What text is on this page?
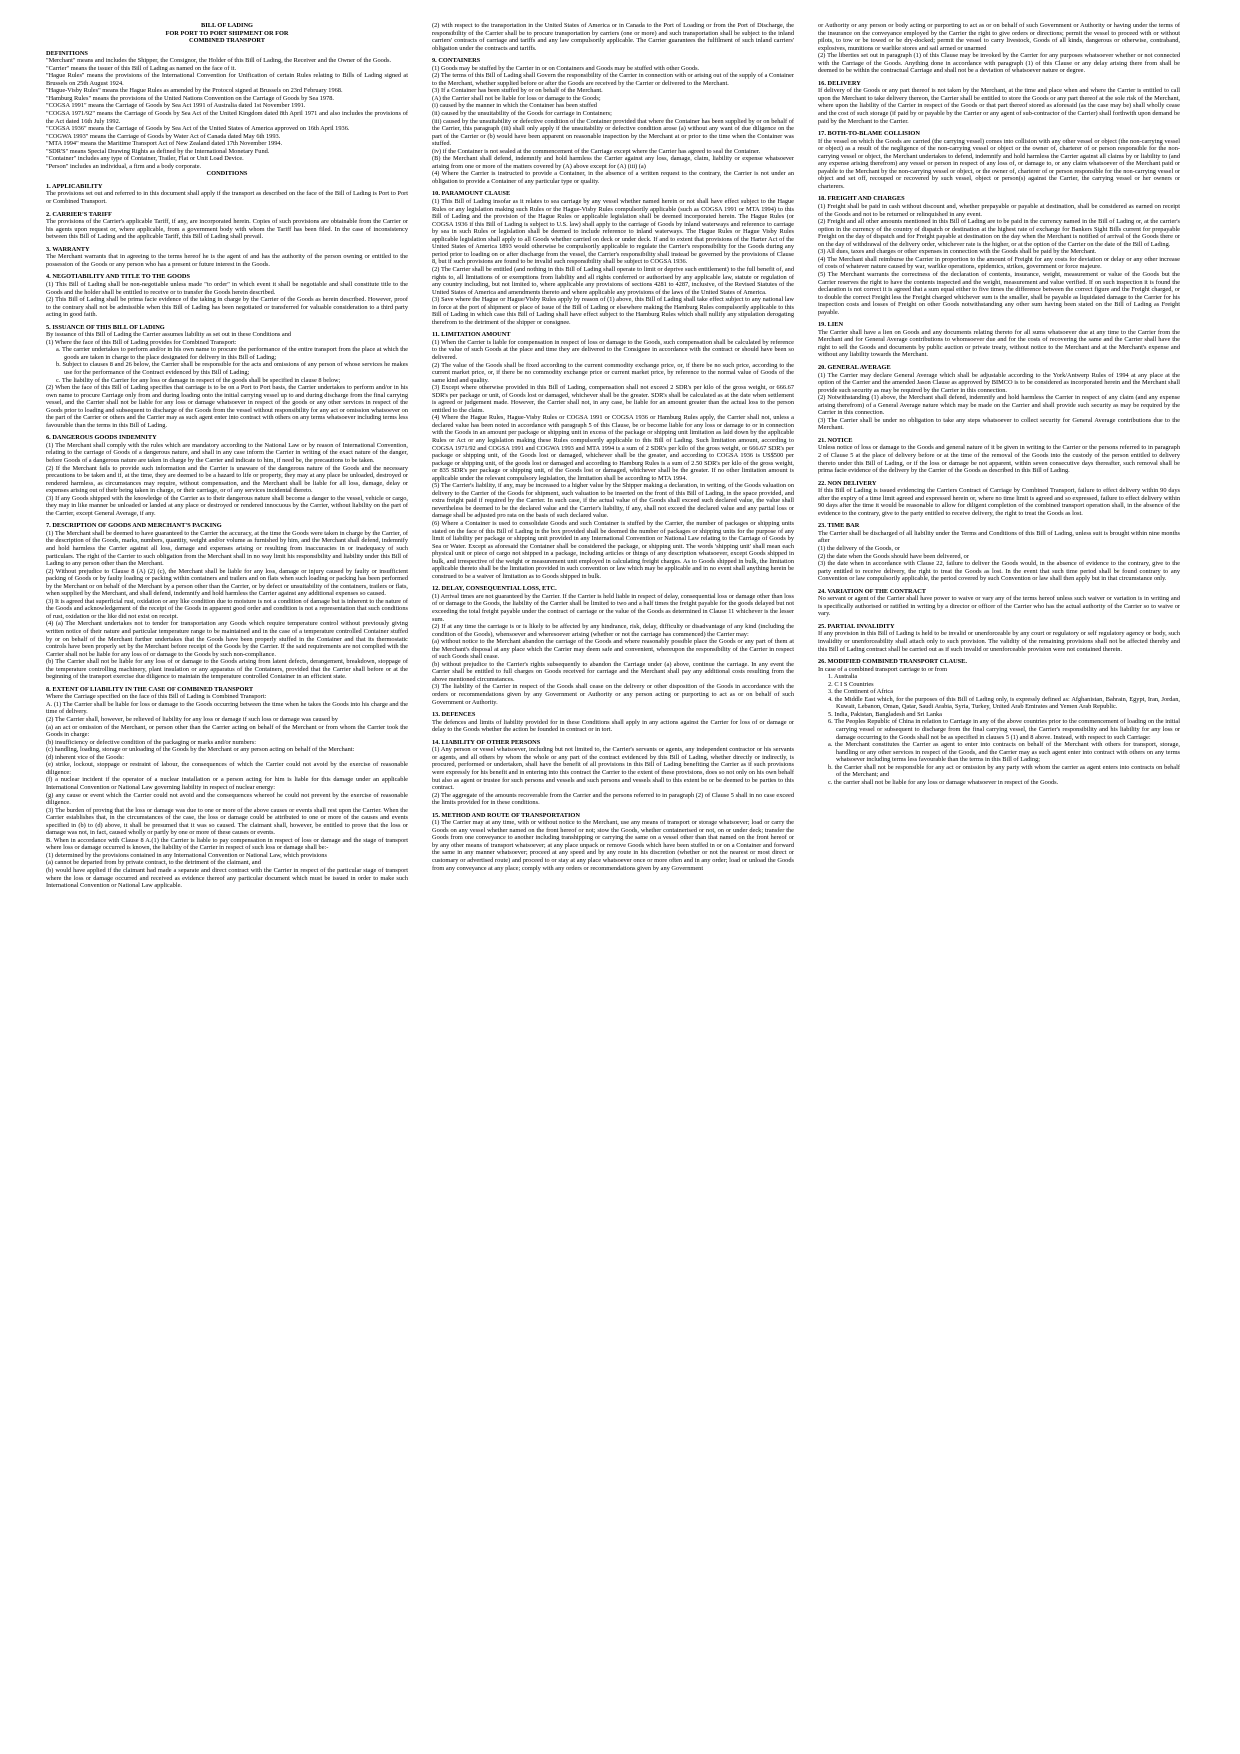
BILL OF LADING

FOR PORT TO PORT SHIPMENT OR FOR

COMBINED TRANSPORT

DEFINITIONS

"Merchant" means and includes the Shipper, the Consignor, the Holder of this Bill of Lading, the Receiver and the Owner of the Goods.

"Carrier" means the issuer of this Bill of Lading as named on the face of it.

"Hague Rules" means the provisions of the International Convention for Unification of certain Rules relating to Bills of Lading signed at Brussels on 25th August 1924.

"Hague-Visby Rules" means the Hague Rules as amended by the Protocol signed at Brussels on 23rd February 1968.

"Hamburg Rules" means the provisions of the United Nations Convention on the Carriage of Goods by Sea 1978.

"COGSA 1991" means the Carriage of Goods by Sea Act 1991 of Australia dated 1st November 1991.

"COGSA 1971/92" means the Carriage of Goods by Sea Act of the United Kingdom dated 8th April 1971 and also includes the provisions of the Act dated 16th July 1992.

"COGSA 1936" means the Carriage of Goods by Sea Act of the United States of America approved on 16th April 1936.

"COGWA 1993" means the Carriage of Goods by Water Act of Canada dated May 6th 1993.

"MTA 1994" means the Maritime Transport Act of New Zealand dated 17th November 1994.

"SDR'S" means Special Drawing Rights as defined by the International Monetary Fund.

"Container" includes any type of Container, Trailer, Flat or Unit Load Device.

"Person" includes an individual, a firm and a body corporate.

CONDITIONS

1. APPLICABILITY

The provisions set out and referred to in this document shall apply if the transport as described on the face of the Bill of Lading is Port to Port or Combined Transport.

2. CARRIER'S TARIFF

The provisions of the Carrier's applicable Tariff, if any, are incorporated herein. Copies of such provisions are obtainable from the Carrier or his agents upon request or, where applicable, from a government body with whom the Tariff has been filed. In the case of inconsistency between this Bill of Lading and the applicable Tariff, this Bill of Lading shall prevail.

3. WARRANTY

The Merchant warrants that in agreeing to the terms hereof he is the agent of and has the authority of the person owning or entitled to the possession of the Goods or any person who has a present or future interest in the Goods.

4. NEGOTIABILITY AND TITLE TO THE GOODS

(1) This Bill of Lading shall be non-negotiable unless made "to order" in which event it shall be negotiable and shall constitute title to the Goods and the holder shall be entitled to receive or to transfer the Goods herein described.

(2) This Bill of Lading shall be prima facie evidence of the taking in charge by the Carrier of the Goods as herein described. However, proof to the contrary shall not be admissible when this Bill of Lading has been negotiated or transferred for valuable consideration to a third party acting in good faith.

5. ISSUANCE OF THIS BILL OF LADING

By issuance of this Bill of Lading the Carrier assumes liability as set out in these Conditions and

(1) Where the face of this Bill of Lading provides for Combined Transport:

a. The carrier undertakes to perform and/or in his own name to procure the performance of the entire transport from the place at which the goods are taken in charge to the place designated for delivery in this Bill of Lading;

b. Subject to clauses 8 and 26 below, the Carrier shall be responsible for the acts and omissions of any person of whose services he makes use for the performance of the Contract evidenced by this Bill of Lading;

c. The liability of the Carrier for any loss or damage in respect of the goods shall be specified in clause 8 below;

(2) When the face of this Bill of Lading specifies that carriage is to be on a Port to Port basis, the Carrier undertakes to perform and/or in his own name to procure Carriage only from and during loading onto the initial carrying vessel up to and during discharge from the final carrying vessel, and the Carrier shall not be liable for any loss or damage whatsoever in respect of the goods or any other services in respect of the Goods prior to loading and subsequent to discharge of the Goods from the vessel without responsibility for any act or omission whatsoever on the part of the Carrier or others and the Carrier may as such agent enter into contract with others on any terms whatsoever including terms less favourable than the terms in this Bill of Lading.

6. DANGEROUS GOODS INDEMNITY

(1) The Merchant shall comply with the rules which are mandatory according to the National Law or by reason of International Convention, relating to the carriage of Goods of a dangerous nature, and shall in any case inform the Carrier in writing of the exact nature of the danger, before Goods of a dangerous nature are taken in charge by the Carrier and indicate to him, if need be, the precautions to be taken.

(2) If the Merchant fails to provide such information and the Carrier is unaware of the dangerous nature of the Goods and the necessary precautions to be taken and if, at the time, they are deemed to be a hazard to life or property, they may at any place be unloaded, destroyed or rendered harmless, as circumstances may require, without compensation, and the Merchant shall be liable for all loss, damage, delay or expenses arising out of their being taken in charge, or their carriage, or of any services incidental thereto.

(3) If any Goods shipped with the knowledge of the Carrier as to their dangerous nature shall become a danger to the vessel, vehicle or cargo, they may in like manner be unloaded or landed at any place or destroyed or rendered innocuous by the Carrier, without liability on the part of the Carrier, except General Average, if any.

7. DESCRIPTION OF GOODS AND MERCHANT'S PACKING

(1) The Merchant shall be deemed to have guaranteed to the Carrier the accuracy, at the time the Goods were taken in charge by the Carrier, of the description of the Goods, marks, numbers, quantity, weight and/or volume as furnished by him, and the Merchant shall defend, indemnify and hold harmless the Carrier against all loss, damage and expenses arising or resulting from inaccuracies in or inadequacy of such particulars. The right of the Carrier to such obligation from the Merchant shall in no way limit his responsibility and liability under this Bill of Lading to any person other than the Merchant.

(2) Without prejudice to Clause 8 (A) (2) (c), the Merchant shall be liable for any loss, damage or injury caused by faulty or insufficient packing of Goods or by faulty loading or packing within containers and trailers and on flats when such loading or packing has been performed by the Merchant or on behalf of the Merchant by a person other than the Carrier, or by defect or unsuitability of the containers, trailers or flats, when supplied by the Merchant, and shall defend, indemnify and hold harmless the Carrier against any additional expenses so caused.

(3) It is agreed that superficial rust, oxidation or any like condition due to moisture is not a condition of damage but is inherent to the nature of the Goods and acknowledgement of the receipt of the Goods in apparent good order and condition is not a representation that such conditions of rust, oxidation or the like did not exist on receipt.

(4) (a) The Merchant undertakes not to tender for transportation any Goods which require temperature control without previously giving written notice of their nature and particular temperature range to be maintained and in the case of a temperature controlled Container stuffed by or on behalf of the Merchant further undertakes that the Goods have been properly stuffed in the Container and that its thermostatic controls have been properly set by the Merchant before receipt of the Goods by the Carrier. If the said requirements are not complied with the Carrier shall not be liable for any loss of or damage to the Goods by such non-compliance.

(b) The Carrier shall not be liable for any loss of or damage to the Goods arising from latent defects, derangement, breakdown, stoppage of the temperature controlling machinery, plant insulation or any apparatus of the Containers, provided that the Carrier shall before or at the beginning of the transport exercise due diligence to maintain the temperature controlled Container in an efficient state.

8. EXTENT OF LIABILITY IN THE CASE OF COMBINED TRANSPORT

Where the Carriage specified on the face of this Bill of Lading is Combined Transport:

A. (1) The Carrier shall be liable for loss or damage to the Goods occurring between the time when he takes the Goods into his charge and the time of delivery.

(2) The Carrier shall, however, be relieved of liability for any loss or damage if such loss or damage was caused by

(a) an act or omission of the Merchant, or person other than the Carrier acting on behalf of the Merchant or from whom the Carrier took the Goods in charge:

(b) insufficiency or defective condition of the packaging or marks and/or numbers:

(c) handling, loading, storage or unloading of the Goods by the Merchant or any person acting on behalf of the Merchant:

(d) inherent vice of the Goods:

(e) strike, lockout, stoppage or restraint of labour, the consequences of which the Carrier could not avoid by the exercise of reasonable diligence:

(f) a nuclear incident if the operator of a nuclear installation or a person acting for him is liable for this damage under an applicable International Convention or National Law governing liability in respect of nuclear energy:

(g) any cause or event which the Carrier could not avoid and the consequences whereof he could not prevent by the exercise of reasonable diligence.

(3) The burden of proving that the loss or damage was due to one or more of the above causes or events shall rest upon the Carrier. When the Carrier establishes that, in the circumstances of the case, the loss or damage could be attributed to one or more of the causes and events specified in (b) to (d) above, it shall be presumed that it was so caused. The claimant shall, however, be entitled to prove that the loss or damage was not, in fact, caused wholly or partly by one or more of these causes or events.

B. When in accordance with Clause 8 A.(1) the Carrier is liable to pay compensation in respect of loss or damage and the stage of transport where loss or damage occurred is known, the liability of the Carrier in respect of such loss or damage shall be:-

(1) determined by the provisions contained in any International Convention or National Law, which provisions

(a) cannot be departed from by private contract, to the detriment of the claimant, and

(b) would have applied if the claimant had made a separate and direct contract with the Carrier in respect of the particular stage of transport where the loss or damage occurred and received as evidence thereof any particular document which must be issued in order to make such International Convention or National Law applicable.

(2) with respect to the transportation in the United States of America or in Canada to the Port of Loading or from the Port of Discharge, the responsibility of the Carrier shall be to procure transportation by carriers (one or more) and such transportation shall be subject to the inland carriers' contracts of carriage and tariffs and any law compulsorily applicable. The Carrier guarantees the fulfilment of such inland carriers' obligation under the contracts and tariffs.

9. CONTAINERS

(1) Goods may be stuffed by the Carrier in or on Containers and Goods may be stuffed with other Goods.

(2) The terms of this Bill of Lading shall Govern the responsibility of the Carrier in connection with or arising out of the supply of a Container to the Merchant, whether supplied before or after the Goods are received by the Carrier or delivered to the Merchant.

(3) If a Container has been stuffed by or on behalf of the Merchant.

(A) the Carrier shall not be liable for loss or damage to the Goods;

(i) caused by the manner in which the Container has been stuffed

(ii) caused by the unsuitability of the Goods for carriage in Containers;

(iii) caused by the unsuitability or defective condition of the Container provided that where the Container has been supplied by or on behalf of the Carrier, this paragraph (iii) shall only apply if the unsuitability or defective condition arose (a) without any want of due diligence on the part of the Carrier or (b) would have been apparent on reasonable inspection by the Merchant at or prior to the time when the Container was stuffed.

(iv) if the Container is not sealed at the commencement of the Carriage except where the Carrier has agreed to seal the Container.

(B) the Merchant shall defend, indemnify and hold harmless the Carrier against any loss, damage, claim, liability or expense whatsoever arising from one or more of the matters covered by (A) above except for (A) (iii) (a)

(4) Where the Carrier is instructed to provide a Container, in the absence of a written request to the contrary, the Carrier is not under an obligation to provide a Container of any particular type or quality.

10. PARAMOUNT CLAUSE

(1) This Bill of Lading insofar as it relates to sea carriage by any vessel whether named herein or not shall have effect subject to the Hague Rules or any legislation making such Rules or the Hague-Visby Rules compulsorily applicable (such as COGSA 1991 or MTA 1994) to this Bill of Lading and the provision of the Hague Rules or applicable legislation shall be deemed incorporated herein. The Hague Rules (or COGSA 1936 if this Bill of Lading is subject to U.S. law) shall apply to the carriage of Goods by inland waterways and reference to carriage by sea in such Rules or legislation shall be deemed to include reference to inland waterways. The Hague Rules or Hague Visby Rules applicable legislation shall apply to all Goods whether carried on deck or under deck. If and to extent that provisions of the Harter Act of the United States of America 1893 would otherwise be compulsorily applicable to regulate the Carrier's responsibility for the Goods during any period prior to loading on or after discharge from the vessel, the Carrier's responsibility shall instead be governed by the provisions of Clause 8, but if such provisions are found to be invalid such responsibility shall be subject to COGSA 1936.

(2) The Carrier shall be entitled (and nothing in this Bill of Lading shall operate to limit or deprive such entitlement) to the full benefit of, and rights to, all limitations of or exemptions from liability and all rights conferred or authorised by any applicable law, statute or regulation of any country including, but not limited to, where applicable any provisions of sections 4281 to 4287, inclusive, of the Revised Statutes of the United States of America and amendments thereto and where applicable any provisions of the laws of the United States of America.

(3) Save where the Hague or Hague/Visby Rules apply by reason of (1) above, this Bill of Lading shall take effect subject to any national law in force at the port of shipment or place of issue of the Bill of Lading or elsewhere making the Hamburg Rules compulsorily applicable to this Bill of Lading in which case this Bill of Lading shall have effect subject to the Hamburg Rules which shall nullify any stipulation derogating therefrom to the detriment of the shipper or consignee.

11. LIMITATION AMOUNT

(1) When the Carrier is liable for compensation in respect of loss or damage to the Goods, such compensation shall be calculated by reference to the value of such Goods at the place and time they are delivered to the Consignee in accordance with the contract or should have been so delivered.

(2) The value of the Goods shall be fixed according to the current commodity exchange price, or, if there be no such price, according to the current market price, or, if there be no commodity exchange price or current market price, by reference to the normal value of Goods of the same kind and quality.

(3) Except where otherwise provided in this Bill of Lading, compensation shall not exceed 2 SDR's per kilo of the gross weight, or 666.67 SDR's per package or unit, of Goods lost or damaged, whichever shall be the greater. SDR's shall be calculated as at the date when settlement is agreed or judgement made. However, the Carrier shall not, in any case, be liable for an amount greater than the actual loss to the person entitled to the claim.

(4) Where the Hague Rules, Hague-Visby Rules or COGSA 1991 or COGSA 1936 or Hamburg Rules apply, the Carrier shall not, unless a declared value has been noted in accordance with paragraph 5 of this Clause, be or become liable for any loss or damage to or in connection with the Goods in an amount per package or shipping unit in excess of the package or shipping unit limitation as laid down by the applicable Rules or Act or any legislation making these Rules compulsorily applicable to this Bill of Lading. Such limitation amount, according to COGSA 1971/92 and COGSA 1991 and COGWA 1993 and MTA 1994 is a sum of 2 SDR's per kilo of the gross weight, or 666.67 SDR's per package or shipping unit, of the Goods lost or damaged, whichever shall be the greater, and according to COGSA 1936 is US$500 per package or shipping unit, of the goods lost or damaged and according to Hamburg Rules is a sum of 2.50 SDR's per kilo of the gross weight, or 835 SDR's per package or shipping unit, of the Goods lost or damaged, whichever shall be the greater. If no other limitation amount is applicable under the relevant compulsory legislation, the limitation shall be according to MTA 1994.

(5) The Carrier's liability, if any, may be increased to a higher value by the Shipper making a declaration, in writing, of the Goods valuation on delivery to the Carrier of the Goods for shipment, such valuation to be inserted on the front of this Bill of Lading, in the space provided, and extra freight paid if required by the Carrier. In such case, if the actual value of the Goods shall exceed such declared value, the value shall nevertheless be deemed to be the declared value and the Carrier's liability, if any, shall not exceed the declared value and any partial loss or damage shall be adjusted pro rata on the basis of such declared value.

(6) Where a Container is used to consolidate Goods and such Container is stuffed by the Carrier, the number of packages or shipping units stated on the face of this Bill of Lading in the box provided shall be deemed the number of packages or shipping units for the purpose of any limit of liability per package or shipping unit provided in any International Convention or National Law relating to the Carriage of Goods by Sea or Water. Except as aforesaid the Container shall be considered the package, or shipping unit. The words 'shipping unit' shall mean each physical unit or piece of cargo not shipped in a package, including articles or things of any description whatsoever, except Goods shipped in bulk, and irrespective of the weight or measurement unit employed in calculating freight charges. As to Goods shipped in bulk, the limitation applicable thereto shall be the limitation provided in such convention or law which may be applicable and in no event shall anything herein be construed to be a waiver of limitation as to Goods shipped in bulk.

12. DELAY, CONSEQUENTIAL LOSS, ETC.

(1) Arrival times are not guaranteed by the Carrier. If the Carrier is held liable in respect of delay, consequential loss or damage other than loss of or damage to the Goods, the liability of the Carrier shall be limited to two and a half times the freight payable for the goods delayed but not exceeding the total freight payable under the contract of carriage or the value of the Goods as determined in Clause 11 whichever is the lesser sum.

(2) If at any time the carriage is or is likely to be affected by any hindrance, risk, delay, difficulty or disadvantage of any kind (including the condition of the Goods), whensoever and wheresoever arising (whether or not the carriage has commenced) the Carrier may:

(a) without notice to the Merchant abandon the carriage of the Goods and where reasonably possible place the Goods or any part of them at the Merchant's disposal at any place which the Carrier may deem safe and convenient, whereupon the responsibility of the Carrier in respect of such Goods shall cease.

(b) without prejudice to the Carrier's rights subsequently to abandon the Carriage under (a) above, continue the carriage. In any event the Carrier shall be entitled to full charges on Goods received for carriage and the Merchant shall pay any additional costs resulting from the above mentioned circumstances.

(3) The liability of the Carrier in respect of the Goods shall cease on the delivery or other disposition of the Goods in accordance with the orders or recommendations given by any Government or Authority or any person acting or purporting to act as or on behalf of such Government or Authority.

13. DEFENCES

The defences and limits of liability provided for in these Conditions shall apply in any actions against the Carrier for loss of or damage or delay to the Goods whether the action be founded in contract or in tort.

14. LIABILITY OF OTHER PERSONS

(1) Any person or vessel whatsoever, including but not limited to, the Carrier's servants or agents, any independent contractor or his servants or agents, and all others by whom the whole or any part of the contract evidenced by this Bill of Lading, whether directly or indirectly, is procured, performed or undertaken, shall have the benefit of all provisions in this Bill of Lading benefiting the Carrier as if such provisions were expressly for his benefit and in entering into this contract the Carrier to the extent of these provisions, does so not only on his own behalf but also as agent or trustee for such persons and vessels and such persons and vessels shall to this extent be or be deemed to be parties to this contract.

(2) The aggregate of the amounts recoverable from the Carrier and the persons referred to in paragraph (2) of Clause 5 shall in no case exceed the limits provided for in these conditions.

15. METHOD AND ROUTE OF TRANSPORTATION

(1) The Carrier may at any time, with or without notice to the Merchant, use any means of transport or storage whatsoever; load or carry the Goods on any vessel whether named on the front hereof or not; stow the Goods, whether containerised or not, on or under deck; transfer the Goods from one conveyance to another including transhipping or carrying the same on a vessel other than that named on the front hereof or by any other means of transport whatsoever; at any place unpack or remove Goods which have been stuffed in or on a Container and forward the same in any manner whatsoever; proceed at any speed and by any route in his discretion (whether or not the nearest or most direct or customary or advertised route) and proceed to or stay at any place whatsoever once or more often and in any order; load or unload the Goods from any conveyance at any place; comply with any orders or recommendations given by any Government

or Authority or any person or body acting or purporting to act as or on behalf of such Government or Authority or having under the terms of the insurance on the conveyance employed by the Carrier the right to give orders or directions; permit the vessel to proceed with or without pilots, to tow or be towed or be dry-docked; permit the vessel to carry livestock, Goods of all kinds, dangerous or otherwise, contraband, explosives, munitions or warlike stores and sail armed or unarmed

(2) The liberties set out in paragraph (1) of this Clause may be invoked by the Carrier for any purposes whatsoever whether or not connected with the Carriage of the Goods. Anything done in accordance with paragraph (1) of this Clause or any delay arising there from shall be deemed to be within the contractual Carriage and shall not be a deviation of whatsoever nature or degree.

16. DELIVERY

If delivery of the Goods or any part thereof is not taken by the Merchant, at the time and place when and where the Carrier is entitled to call upon the Merchant to take delivery thereon, the Carrier shall be entitled to store the Goods or any part thereof at the sole risk of the Merchant, where upon the liability of the Carrier in respect of the Goods or that part thereof stored as aforesaid (as the case may be) shall wholly cease and the cost of such storage (if paid by or payable by the Carrier or any agent of sub-contractor of the Carrier) shall forthwith upon demand be paid by the Merchant to the Carrier.

17. BOTH-TO-BLAME COLLISION

If the vessel on which the Goods are carried (the carrying vessel) comes into collision with any other vessel or object (the non-carrying vessel or object) as a result of the negligence of the non-carrying vessel or object or the owner of, charterer of or person responsible for the non-carrying vessel or object, the Merchant undertakes to defend, indemnify and hold harmless the Carrier against all claims by or liability to (and any expense arising therefrom) any vessel or person in respect of any loss of, or damage to, or any claim whatsoever of the Merchant paid or payable to the Merchant by the non-carrying vessel or object, or the owner of, charterer of or person responsible for the non-carrying vessel or object and set off, recouped or recovered by such vessel, object or person(s) against the Carrier, the carrying vessel or her owners or charterers.

18. FREIGHT AND CHARGES

(1) Freight shall be paid in cash without discount and, whether prepayable or payable at destination, shall be considered as earned on receipt of the Goods and not to be returned or relinquished in any event.

(2) Freight and all other amounts mentioned in this Bill of Lading are to be paid in the currency named in the Bill of Lading or, at the carrier's option in the currency of the country of dispatch or destination at the highest rate of exchange for Bankers Sight Bills current for prepayable Freight on the day of dispatch and for Freight payable at destination on the day when the Merchant is notified of arrival of the Goods there or on the day of withdrawal of the delivery order, whichever rate is the higher, or at the option of the Carrier on the date of the Bill of Lading.

(3) All dues, taxes and charges or other expenses in connection with the Goods shall be paid by the Merchant.

(4) The Merchant shall reimburse the Carrier in proportion to the amount of Freight for any costs for deviation or delay or any other increase of costs of whatever nature caused by war, warlike operations, epidemics, strikes, government or force majeure.

(5) The Merchant warrants the correctness of the declaration of contents, insurance, weight, measurement or value of the Goods but the Carrier reserves the right to have the contents inspected and the weight, measurement and value verified. If on such inspection it is found the declaration is not correct it is agreed that a sum equal either to five times the difference between the correct figure and the Freight charged, or to double the correct Freight less the Freight charged whichever sum is the smaller, shall be payable as liquidated damage to the Carrier for his inspection costs and losses of Freight on other Goods notwithstanding any other sum having been stated on the Bill of Lading as Freight payable.

19. LIEN

The Carrier shall have a lien on Goods and any documents relating thereto for all sums whatsoever due at any time to the Carrier from the Merchant and for General Average contributions to whomsoever due and for the costs of recovering the same and the Carrier shall have the right to sell the Goods and documents by public auction or private treaty, without notice to the Merchant and at the Merchant's expense and without any liability towards the Merchant.

20. GENERAL AVERAGE

(1) The Carrier may declare General Average which shall be adjustable according to the York/Antwerp Rules of 1994 at any place at the option of the Carrier and the amended Jason Clause as approved by BIMCO is to be considered as incorporated herein and the Merchant shall provide such security as may be required by the Carrier in this connection.

(2) Notwithstanding (1) above, the Merchant shall defend, indemnify and hold harmless the Carrier in respect of any claim (and any expense arising therefrom) of a General Average nature which may be made on the Carrier and shall provide such security as may be required by the Carrier in this connection.

(3) The Carrier shall be under no obligation to take any steps whatsoever to collect security for General Average contributions due to the Merchant.

21. NOTICE

Unless notice of loss or damage to the Goods and general nature of it be given in writing to the Carrier or the persons referred to in paragraph 2 of Clause 5 at the place of delivery before or at the time of the removal of the Goods into the custody of the person entitled to delivery thereto under this Bill of Lading, or if the loss or damage be not apparent, within seven consecutive days thereafter, such removal shall be prima facie evidence of the delivery by the Carrier of the Goods as described in this Bill of Lading.

22. NON DELIVERY

If this Bill of Lading is issued evidencing the Carriers Contract of Carriage by Combined Transport, failure to effect delivery within 90 days after the expiry of a time limit agreed and expressed herein or, where no time limit is agreed and so expressed, failure to effect delivery within 90 days after the time it would be reasonable to allow for diligent completion of the combined transport operation shall, in the absence of the evidence to the contrary, give to the party entitled to receive delivery, the right to treat the Goods as lost.

23. TIME BAR

The Carrier shall be discharged of all liability under the Terms and Conditions of this Bill of Lading, unless suit is brought within nine months after

(1) the delivery of the Goods, or

(2) the date when the Goods should have been delivered, or

(3) the date when in accordance with Clause 22, failure to deliver the Goods would, in the absence of evidence to the contrary, give to the party entitled to receive delivery, the right to treat the Goods as lost. In the event that such time period shall be found contrary to any Convention or law compulsorily applicable, the period covered by such Convention or law shall then apply but in that circumstance only.

24. VARIATION OF THE CONTRACT

No servant or agent of the Carrier shall have power to waive or vary any of the terms hereof unless such waiver or variation is in writing and is specifically authorised or ratified in writing by a director or officer of the Carrier who has the actual authority of the Carrier so to waive or vary.

25. PARTIAL INVALIDITY

If any provision in this Bill of Lading is held to be invalid or unenforceable by any court or regulatory or self regulatory agency or body, such invalidity or unenforceability shall attach only to such provision. The validity of the remaining provisions shall not be affected thereby and this Bill of Lading contract shall be carried out as if such invalid or unenforceable provision were not contained therein.

26. MODIFIED COMBINED TRANSPORT CLAUSE.

In case of a combined transport carriage to or from

1. Australia

2. C I S Countries

3. the Continent of Africa

4. the Middle East which, for the purposes of this Bill of Lading only, is expressly defined as: Afghanistan, Bahrain, Egypt, Iran, Jordan, Kuwait, Lebanon, Oman, Qatar, Saudi Arabia, Syria, Turkey, United Arab Emirates and Yemen Arab Republic.

5. India, Pakistan, Bangladesh and Sri Lanka

6. The Peoples Republic of China in relation to Carriage in any of the above countries prior to the commencement of loading on the initial carrying vessel or subsequent to discharge from the final carrying vessel, the Carrier's responsibility and his liability for any loss or damage occurring to the Goods shall not be as specified in clauses 5 (1) and 8 above. Instead, with respect to such Carriage:

a. the Merchant constitutes the Carrier as agent to enter into contracts on behalf of the Merchant with others for transport, storage, handling or any other services in respect of the Goods, and the Carrier may as such agent enter into contract with others on any terms whatsoever including terms less favourable than the terms in this Bill of Lading;

b. the Carrier shall not be responsible for any act or omission by any party with whom the carrier as agent enters into contracts on behalf of the Merchant; and

c. the carrier shall not be liable for any loss or damage whatsoever in respect of the Goods.
